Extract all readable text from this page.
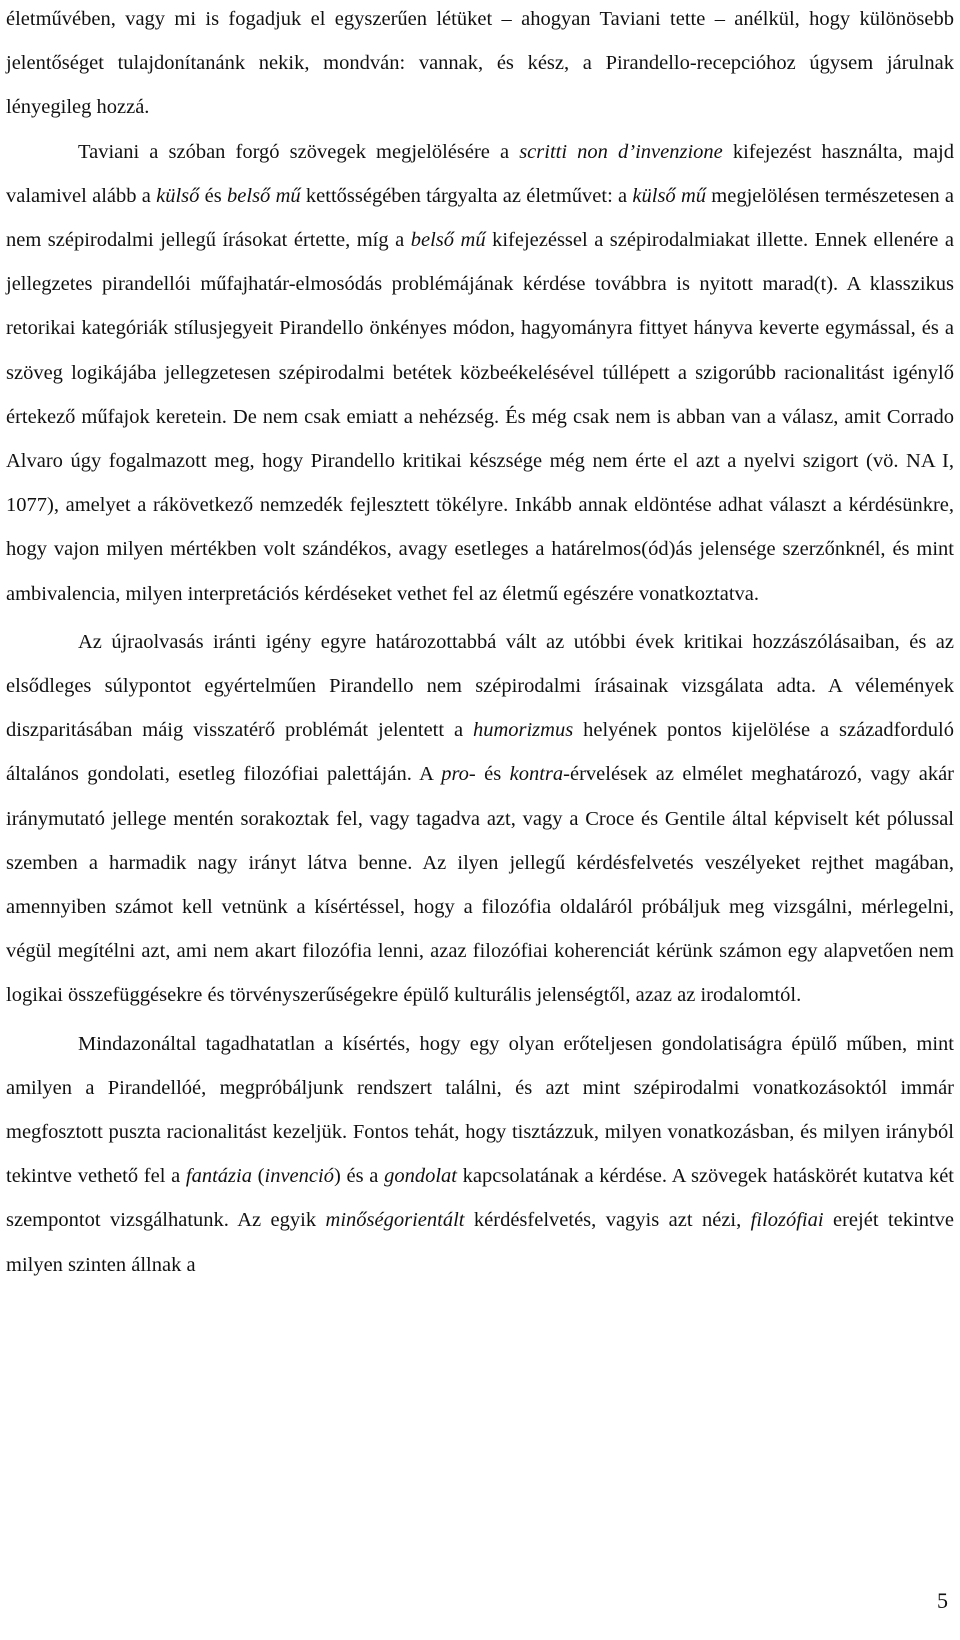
életművében, vagy mi is fogadjuk el egyszerűen létüket – ahogyan Taviani tette – anélkül, hogy különösebb jelentőséget tulajdonítanánk nekik, mondván: vannak, és kész, a Pirandello-recepcióhoz úgysem járulnak lényegileg hozzá.

Taviani a szóban forgó szövegek megjelölésére a scritti non d’invenzione kifejezést használta, majd valamivel alább a külső és belső mű kettősségében tárgyalta az életművet: a külső mű megjelölésen természetesen a nem szépirodalmi jellegű írásokat értette, míg a belső mű kifejezéssel a szépirodalmiakat illette. Ennek ellenére a jellegzetes pirandellói műfajhatár-elmosódás problémájának kérdése továbbra is nyitott marad(t). A klasszikus retorikai kategóriák stílusjegyeit Pirandello önkényes módon, hagyományra fittyet hányva keverte egymással, és a szöveg logikájába jellegzetesen szépirodalmi betétek közbeékelésével túllépett a szigorúbb racionalitást igénylő értekező műfajok keretein. De nem csak emiatt a nehézség. És még csak nem is abban van a válasz, amit Corrado Alvaro úgy fogalmazott meg, hogy Pirandello kritikai készsége még nem érte el azt a nyelvi szigort (vö. NA I, 1077), amelyet a rákövetkező nemzedék fejlesztett tökélyre. Inkább annak eldöntése adhat választ a kérdésünkre, hogy vajon milyen mértékben volt szándékos, avagy esetleges a határelmos(ód)ás jelensége szerzőnknél, és mint ambivalencia, milyen interpretációs kérdéseket vethet fel az életmű egészére vonatkoztatva.

Az újraolvasás iránti igény egyre határozottabbá vált az utóbbi évek kritikai hozzászólásaiban, és az elsődleges súlypontot egyértelműen Pirandello nem szépirodalmi írásainak vizsgálata adta. A vélemények diszparitásában máig visszatérő problémát jelentett a humorizmus helyének pontos kijelölése a századforduló általános gondolati, esetleg filozófiai palettáján. A pro- és kontra-érvelések az elmélet meghatározó, vagy akár iránymutató jellege mentén sorakoztak fel, vagy tagadva azt, vagy a Croce és Gentile által képviselt két pólussal szemben a harmadik nagy irányt látva benne. Az ilyen jellegű kérdésfelvetés veszélyeket rejthet magában, amennyiben számot kell vetnünk a kísértéssel, hogy a filozófia oldaláról próbáljuk meg vizsgálni, mérlegelni, végül megítélni azt, ami nem akart filozófia lenni, azaz filozófiai koherenciát kérünk számon egy alapvetően nem logikai összefüggésekre és törvényszerűségekre épülő kulturális jelenségtől, azaz az irodalomtól.

Mindazonáltal tagadhatatlan a kísértés, hogy egy olyan erőteljesen gondolatiságra épülő műben, mint amilyen a Pirandellóé, megpróbáljunk rendszert találni, és azt mint szépirodalmi vonatkozásoktól immár megfosztott puszta racionalitást kezeljük. Fontos tehát, hogy tisztázzuk, milyen vonatkozásban, és milyen irányból tekintve vethető fel a fantázia (invenció) és a gondolat kapcsolatának a kérdése. A szövegek hatáskörét kutatva két szempontot vizsgálhatunk. Az egyik minőségorientált kérdésfelvetés, vagyis azt nézi, filozófiai erejét tekintve milyen szinten állnak a

5
